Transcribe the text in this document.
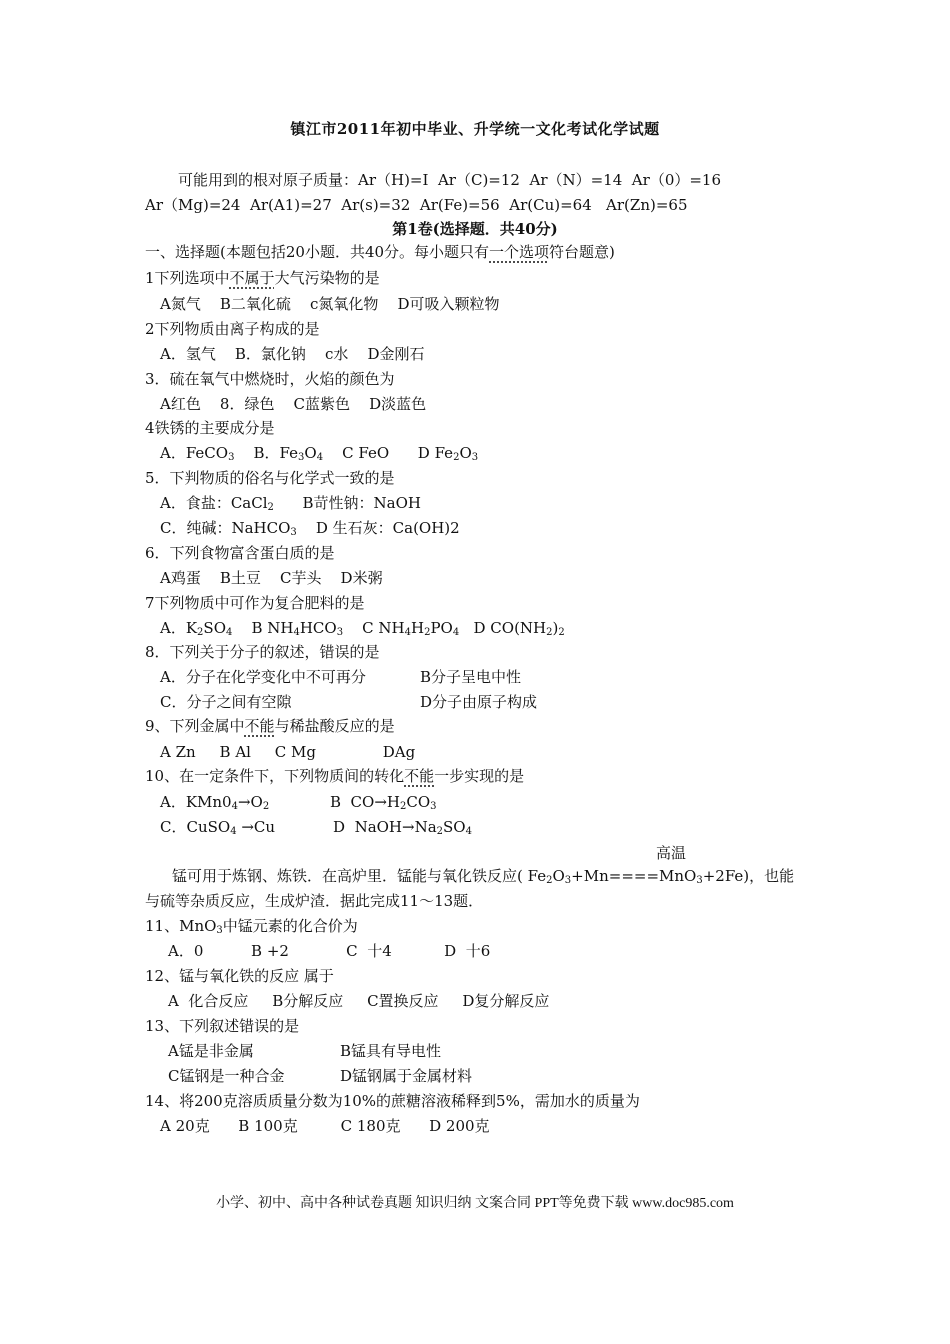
镇江市2011年初中毕业、升学统一文化考试化学试题
可能用到的根对原子质量：Ar（H)=I  Ar（C)=12  Ar（N）=14  Ar（0）=16
Ar（Mg)=24  Ar(A1)=27  Ar(s)=32  Ar(Fe)=56  Ar(Cu)=64   Ar(Zn)=65
第1卷(选择题．共40分)
一、选择题(本题包括20小题．共40分。每小题只有一个选项符台题意)
1下列选项中不属于大气污染物的是
A氮气    B二氧化硫    c氮氧化物    D可吸入颗粒物
2下列物质由离子构成的是
A．氢气    B．氯化钠    c水    D金刚石
3．硫在氧气中燃烧时，火焰的颜色为
A红色    8．绿色    C蓝紫色    D淡蓝色
4铁锈的主要成分是
A．FeCO$_3$ B．$Fe_3O_4$ C FeO D $Fe_2O_3$
5．下判物质的俗名与化学式一致的是
A．食盐：CaCl$_2$ B苛性钠：NaOH
C．纯碱：NaHCO$_3$ D 生石灰：Ca(OH)2
6．下列食物富含蛋白质的是
A鸡蛋    B土豆    C芋头    D米粥
7下列物质中可作为复合肥料的是
A．$K_2SO_4$ B $NH_4HCO_3$ C $NH_4H_2PO_4$ D $CO(NH_2)_2$
8．下列关于分子的叙述，错误的是
A．分子在化学变化中不可再分	B分子呈电中性
C．分子之间有空隙	D分子由原子构成
9、下列金属中不能与稀盐酸反应的是
A Zn     B Al     C Mg              DAg
10、在一定条件下，下列物质间的转化不能一步实现的是
A．$KMn0_4\to O_2$	B  $CO\to H_2CO_3$
C．CuSO$_4$ →Cu	D  $NaOH\to Na_2SO_4$
高温
锰可用于炼钢、炼铁．在高炉里．锰能与氧化铁反应( $Fe_2O_3+Mn====MnO_3+2Fe$)，也能
与硫等杂质反应，生成炉渣．据此完成11～13题．
11、MnO$_3$中锰元素的化合价为
A．0          B +2            C  十4           D  十6
12、锰与氧化铁的反应 属于
A  化合反应     B分解反应     C置换反应     D复分解反应
13、下列叙述错误的是
A锰是非金属	B锰具有导电性
C锰钢是一种合金	D锰钢属于金属材料
14、将200克溶质质量分数为10%的蔗糖溶液稀释到5%，需加水的质量为
A 20克      B 100克         C 180克      D 200克
小学、初中、高中各种试卷真题 知识归纳 文案合同 PPT等免费下载 www.doc985.com
